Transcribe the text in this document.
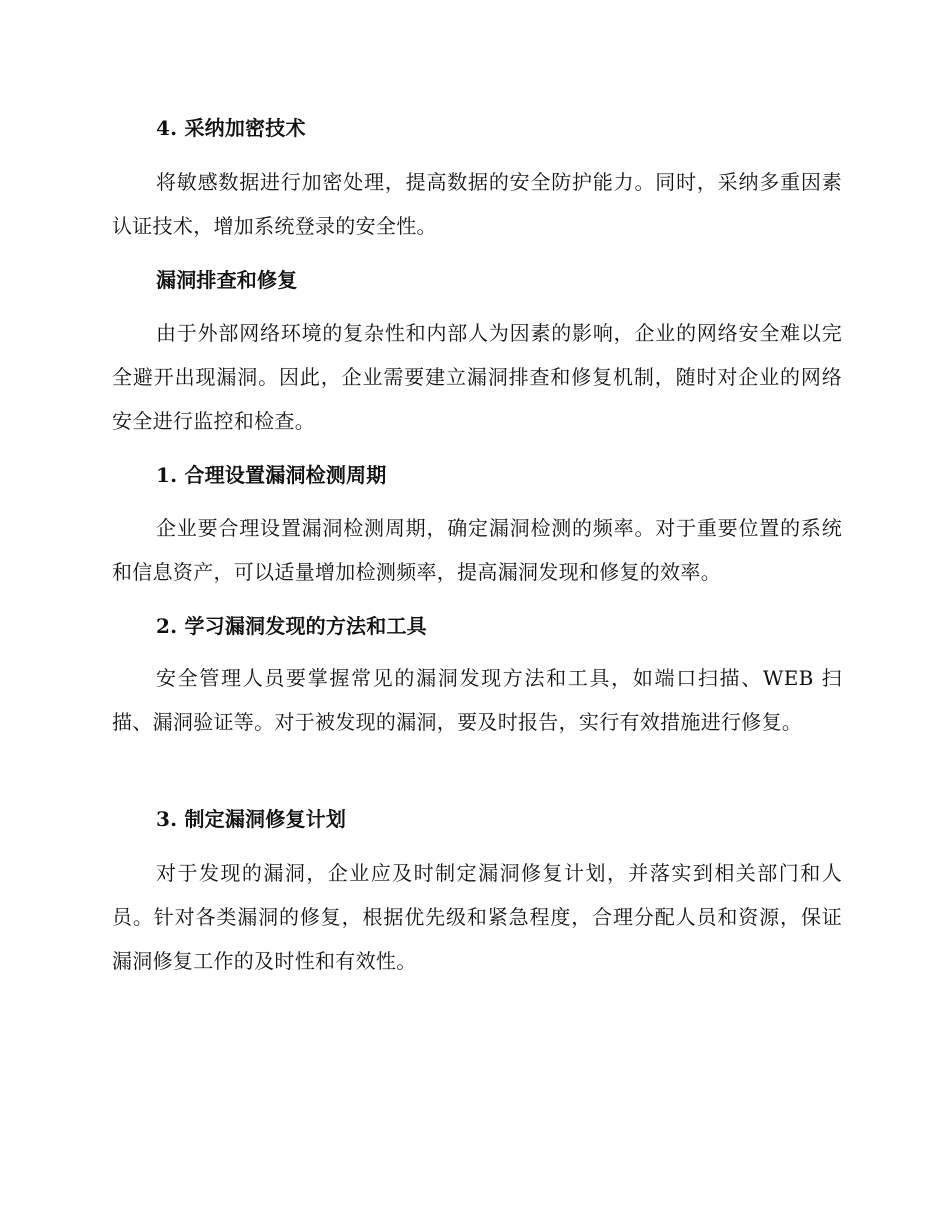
4. 采纳加密技术
将敏感数据进行加密处理，提高数据的安全防护能力。同时，采纳多重因素认证技术，增加系统登录的安全性。
漏洞排查和修复
由于外部网络环境的复杂性和内部人为因素的影响，企业的网络安全难以完全避开出现漏洞。因此，企业需要建立漏洞排查和修复机制，随时对企业的网络安全进行监控和检查。
1. 合理设置漏洞检测周期
企业要合理设置漏洞检测周期，确定漏洞检测的频率。对于重要位置的系统和信息资产，可以适量增加检测频率，提高漏洞发现和修复的效率。
2. 学习漏洞发现的方法和工具
安全管理人员要掌握常见的漏洞发现方法和工具，如端口扫描、WEB 扫描、漏洞验证等。对于被发现的漏洞，要及时报告，实行有效措施进行修复。
3. 制定漏洞修复计划
对于发现的漏洞，企业应及时制定漏洞修复计划，并落实到相关部门和人员。针对各类漏洞的修复，根据优先级和紧急程度，合理分配人员和资源，保证漏洞修复工作的及时性和有效性。
